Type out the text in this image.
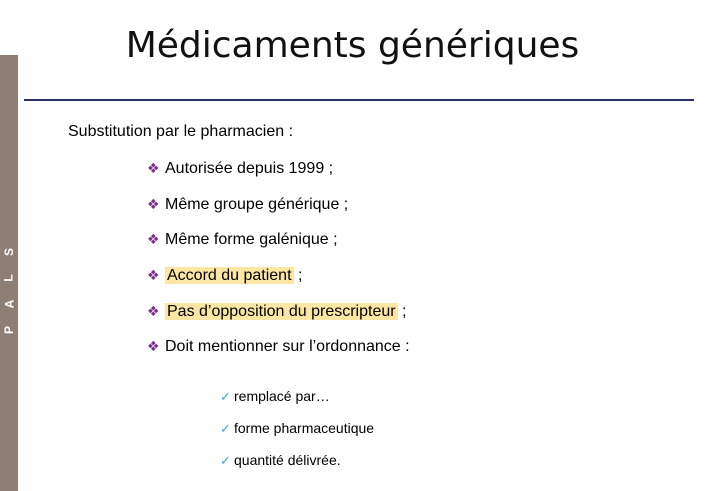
S
L
A
P
Médicaments génériques
Substitution par le pharmacien :
❖ Autorisée depuis 1999 ;
❖ Même groupe générique ;
❖ Même forme galénique ;
❖ Accord du patient ;
❖ Pas d’opposition du prescripteur ;
❖ Doit mentionner sur l’ordonnance :
✓ remplacé par…
✓ forme pharmaceutique
✓ quantité délivrée.
